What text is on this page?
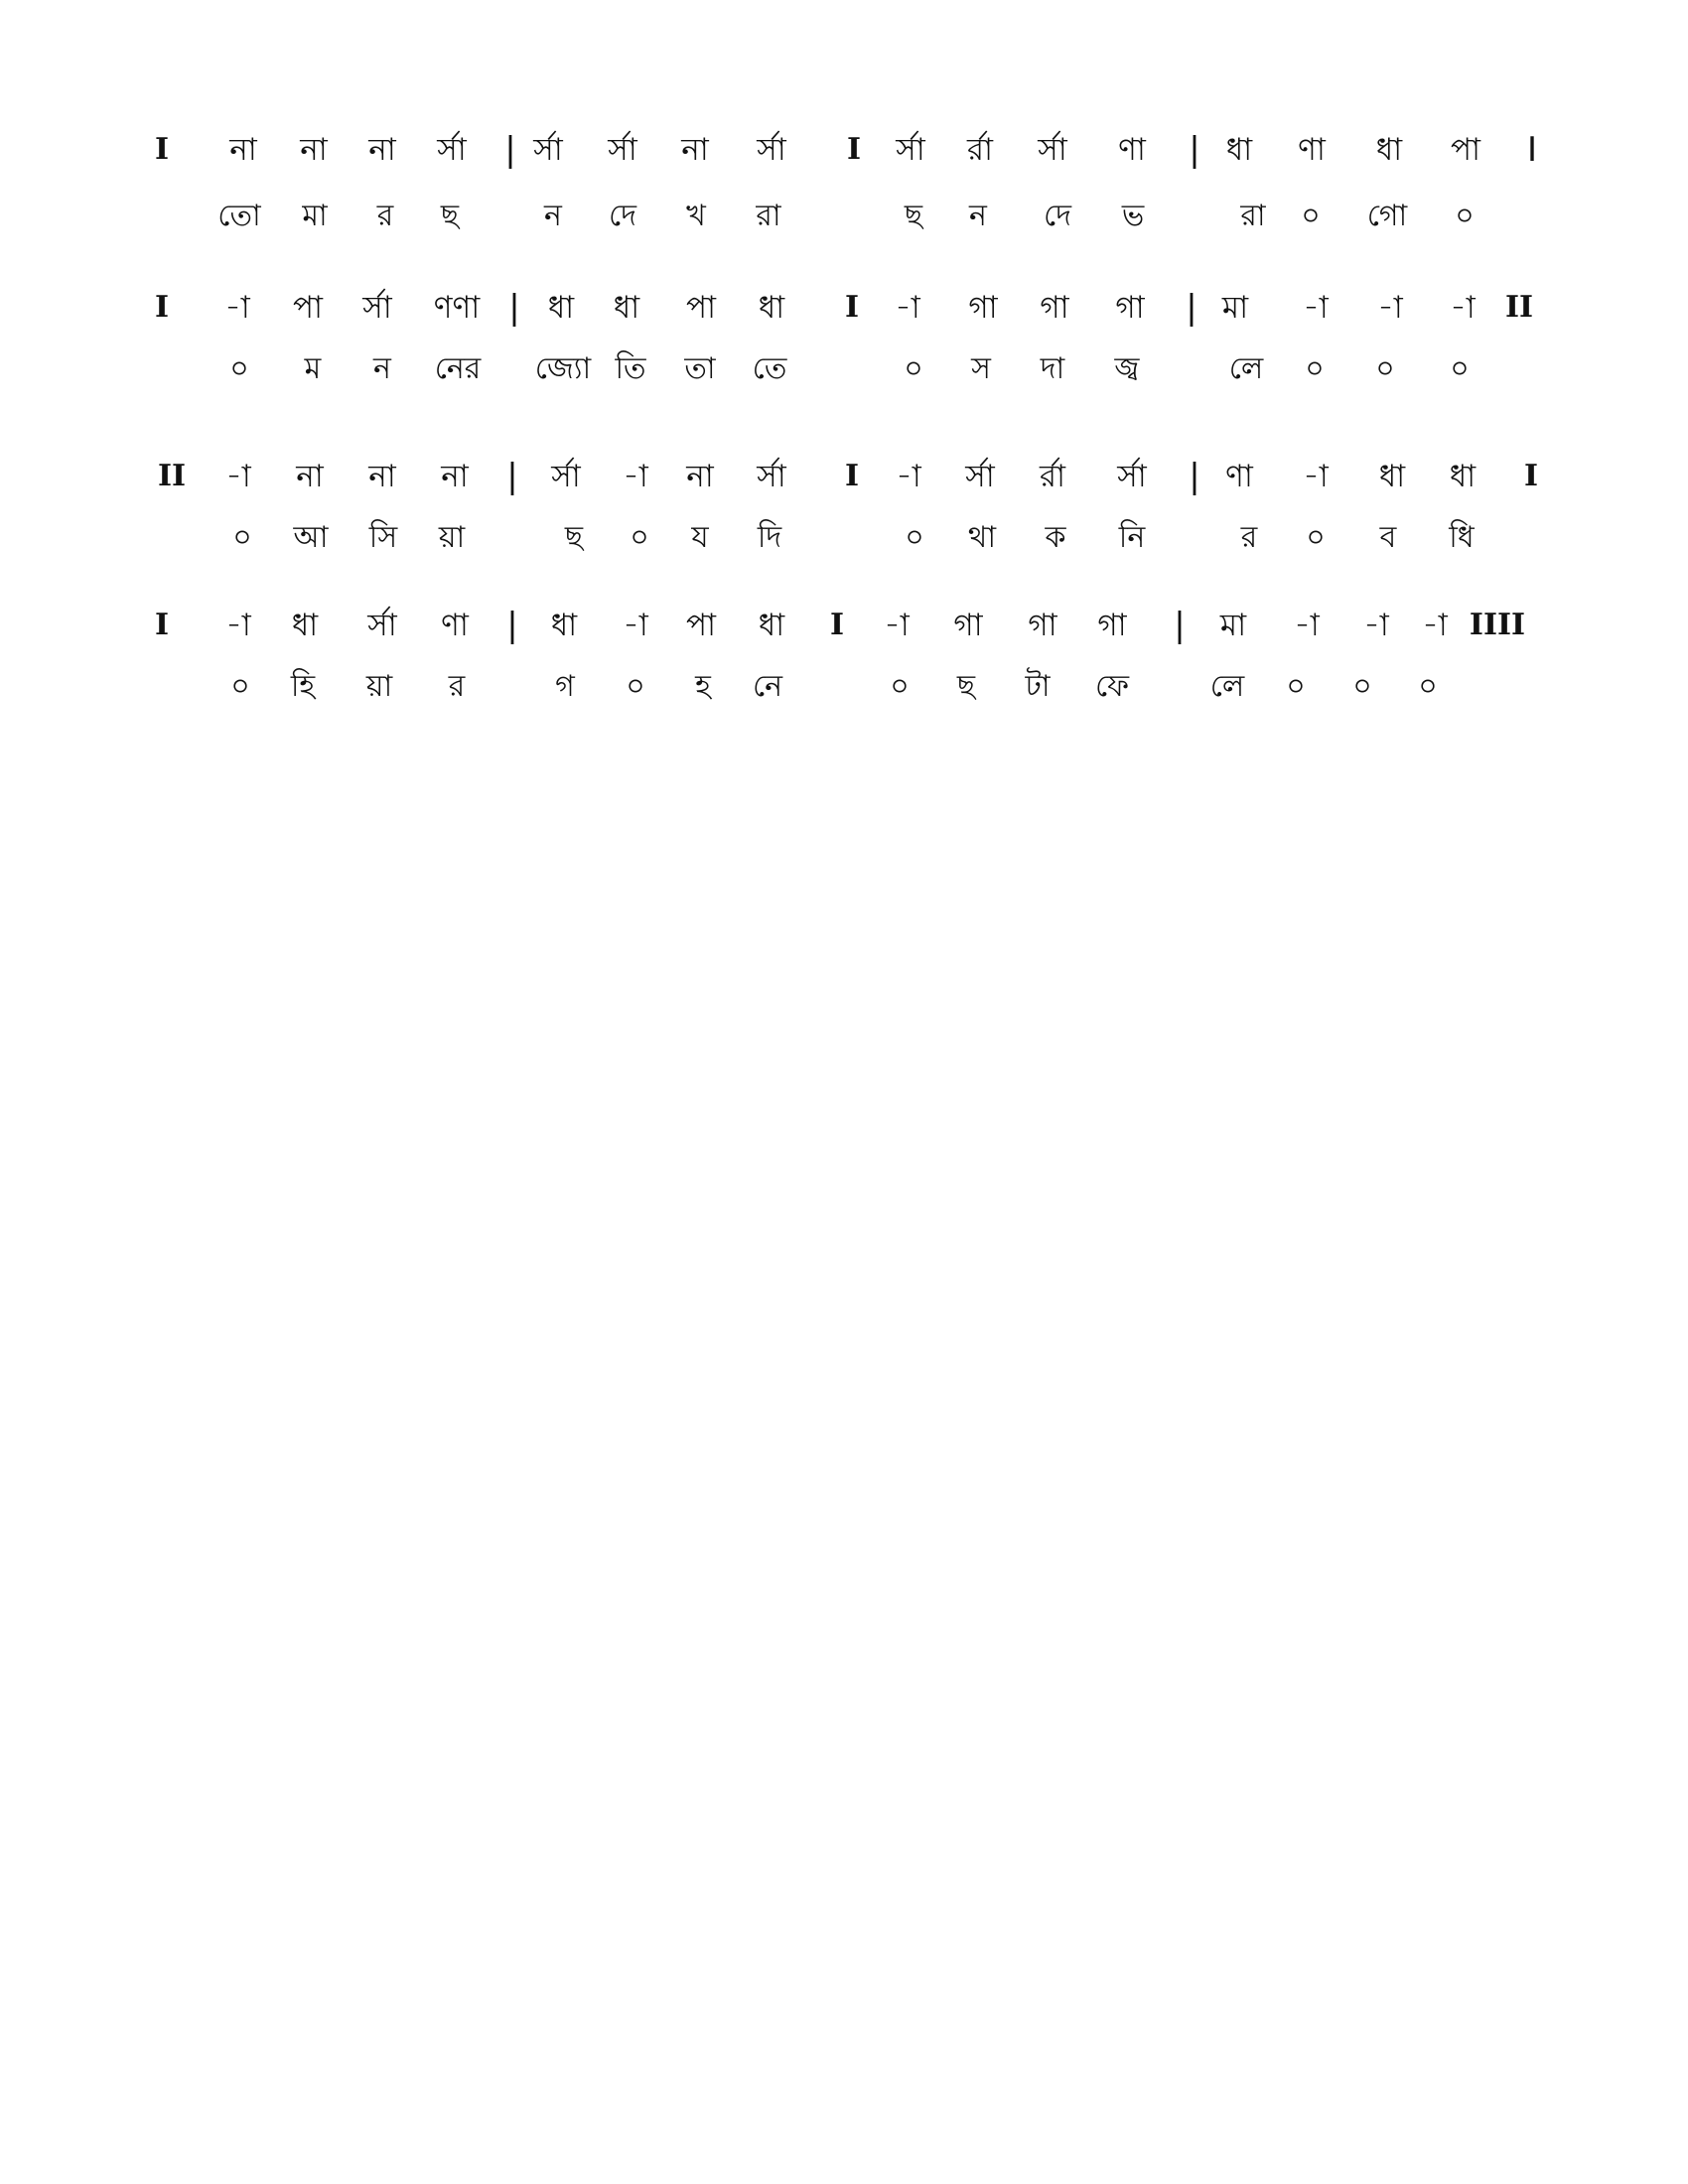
I না না না র্সা | র্সা র্সা না র্সা I র্সা র্রা র্সা ণা | ধা ণা ধা পা I
তো মা র ছ	ন দে খ রা	ছ ন দে ভ	রা ০ গো ০
I -া পা র্সা ণণা | ধা ধা পা ধা I -া গা গা গা | মা -া -া -া II
০ ম ন নের জ্যো তি তা তে	০ স দা জ্ব	লে ০ ০ ০
II -া না না না | র্সা -া না র্সা I -া র্সা র্রা র্সা | ণা -া ধা ধা I
০ আ সি য়া	ছ ০ য দি	০ থা ক নি	র ০ ব ধি
I -া ধা র্সা ণা | ধা -া পা ধা I -া গা গা গা | মা -া -া -া IIII
০ হি য়া র	গ ০ হ নে	০ ছ টা ফে	লে ০ ০ ০
